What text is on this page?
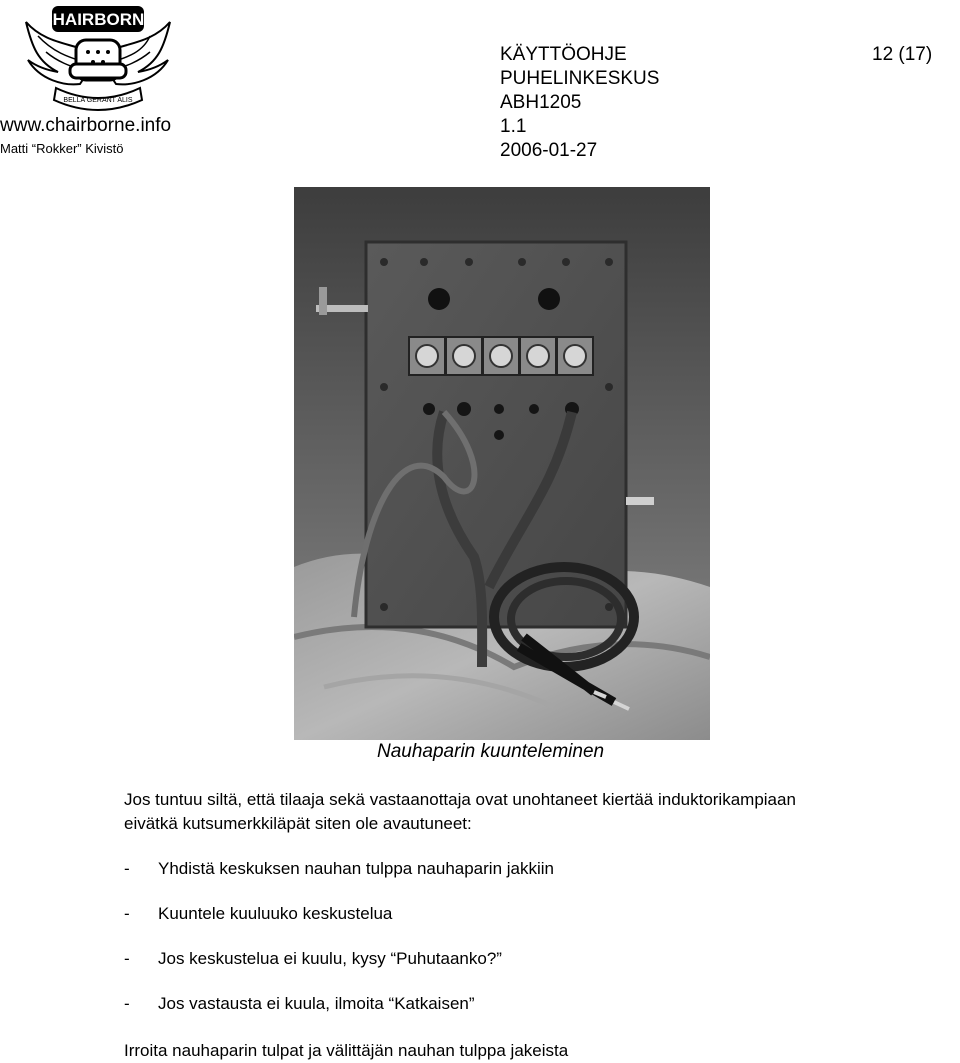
CHAIRBORNE
BELLA GERANT ALIS
www.chairborne.info
Matti “Rokker” Kivistö
KÄYTTÖOHJE
PUHELINKESKUS
ABH1205
1.1
2006-01-27
12 (17)
Nauhaparin kuunteleminen
Jos tuntuu siltä, että tilaaja sekä vastaanottaja ovat unohtaneet kiertää induktorikampiaan
eivätkä kutsumerkkiläpät siten ole avautuneet:
- Yhdistä keskuksen nauhan tulppa nauhaparin jakkiin
- Kuuntele kuuluuko keskustelua
- Jos keskustelua ei kuulu, kysy “Puhutaanko?”
- Jos vastausta ei kuula, ilmoita “Katkaisen”
Irroita nauhaparin tulpat ja välittäjän nauhan tulppa jakeista
